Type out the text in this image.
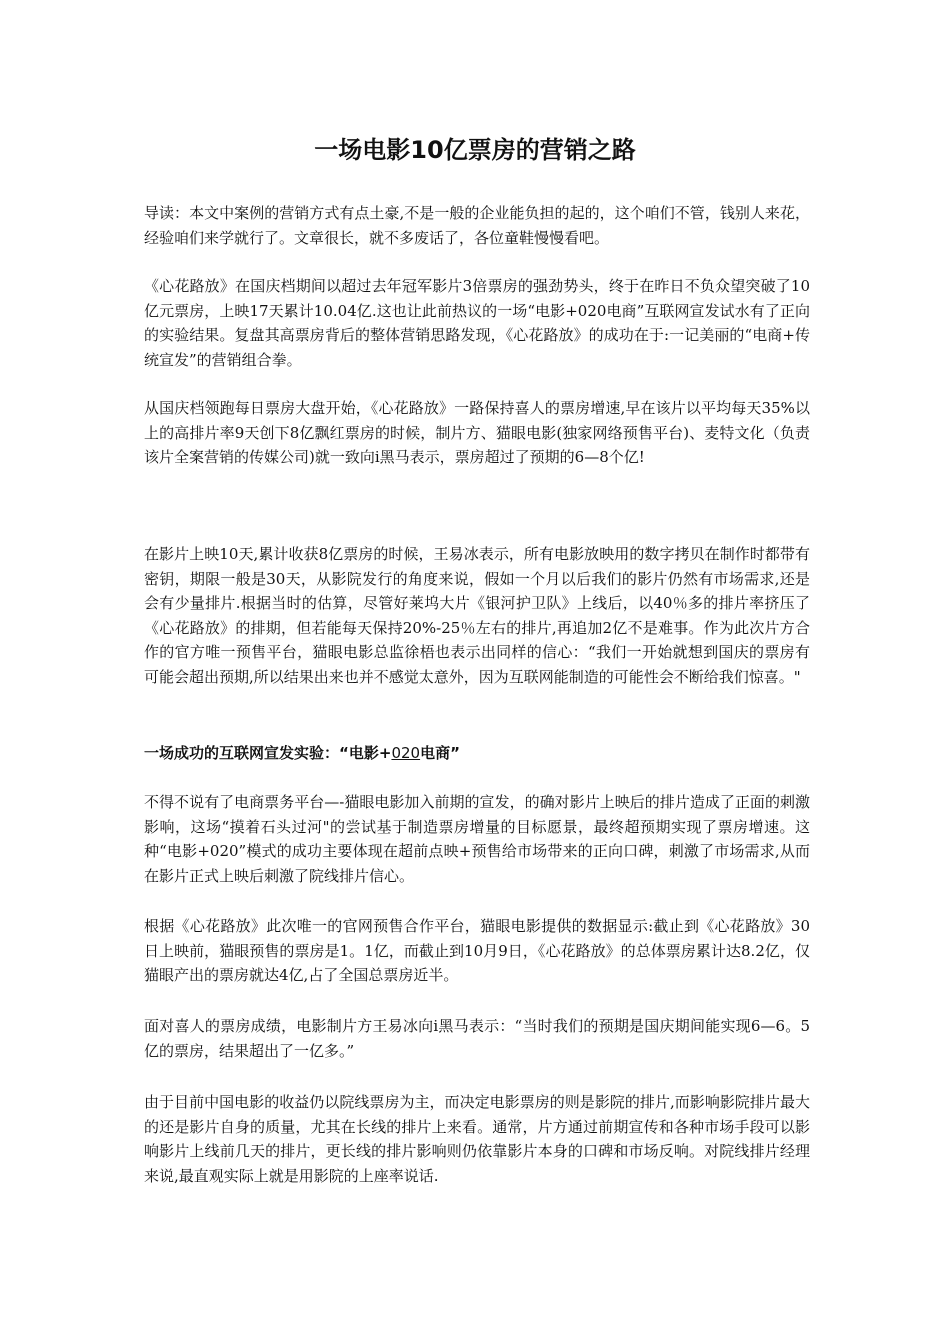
一场电影10亿票房的营销之路

导读：本文中案例的营销方式有点土豪,不是一般的企业能负担的起的，这个咱们不管，钱别人来花，经验咱们来学就行了。文章很长，就不多废话了，各位童鞋慢慢看吧。

《心花路放》在国庆档期间以超过去年冠军影片3倍票房的强劲势头，终于在昨日不负众望突破了10亿元票房，上映17天累计10.04亿.这也让此前热议的一场“电影+020电商”互联网宣发试水有了正向的实验结果。复盘其高票房背后的整体营销思路发现，《心花路放》的成功在于:一记美丽的“电商+传统宣发”的营销组合拳。

从国庆档领跑每日票房大盘开始，《心花路放》一路保持喜人的票房增速,早在该片以平均每天35%以上的高排片率9天创下8亿飘红票房的时候，制片方、猫眼电影(独家网络预售平台)、麦特文化（负责该片全案营销的传媒公司)就一致向i黑马表示，票房超过了预期的6—8个亿!

在影片上映10天,累计收获8亿票房的时候，王易冰表示，所有电影放映用的数字拷贝在制作时都带有密钥，期限一般是30天，从影院发行的角度来说，假如一个月以后我们的影片仍然有市场需求,还是会有少量排片.根据当时的估算，尽管好莱坞大片《银河护卫队》上线后，以40％多的排片率挤压了《心花路放》的排期，但若能每天保持20%-25％左右的排片,再追加2亿不是难事。作为此次片方合作的官方唯一预售平台，猫眼电影总监徐梧也表示出同样的信心：“我们一开始就想到国庆的票房有可能会超出预期,所以结果出来也并不感觉太意外，因为互联网能制造的可能性会不断给我们惊喜。"

一场成功的互联网宣发实验：“电影+020电商”

不得不说有了电商票务平台—-猫眼电影加入前期的宣发，的确对影片上映后的排片造成了正面的刺激影响，这场“摸着石头过河"的尝试基于制造票房增量的目标愿景，最终超预期实现了票房增速。这种“电影+020”模式的成功主要体现在超前点映+预售给市场带来的正向口碑，刺激了市场需求,从而在影片正式上映后刺激了院线排片信心。

根据《心花路放》此次唯一的官网预售合作平台，猫眼电影提供的数据显示:截止到《心花路放》30日上映前，猫眼预售的票房是1。1亿，而截止到10月9日，《心花路放》的总体票房累计达8.2亿，仅猫眼产出的票房就达4亿,占了全国总票房近半。

面对喜人的票房成绩，电影制片方王易冰向i黑马表示：“当时我们的预期是国庆期间能实现6—6。5亿的票房，结果超出了一亿多。”

由于目前中国电影的收益仍以院线票房为主，而决定电影票房的则是影院的排片,而影响影院排片最大的还是影片自身的质量，尤其在长线的排片上来看。通常，片方通过前期宣传和各种市场手段可以影响影片上线前几天的排片，更长线的排片影响则仍依靠影片本身的口碑和市场反响。对院线排片经理来说,最直观实际上就是用影院的上座率说话.
